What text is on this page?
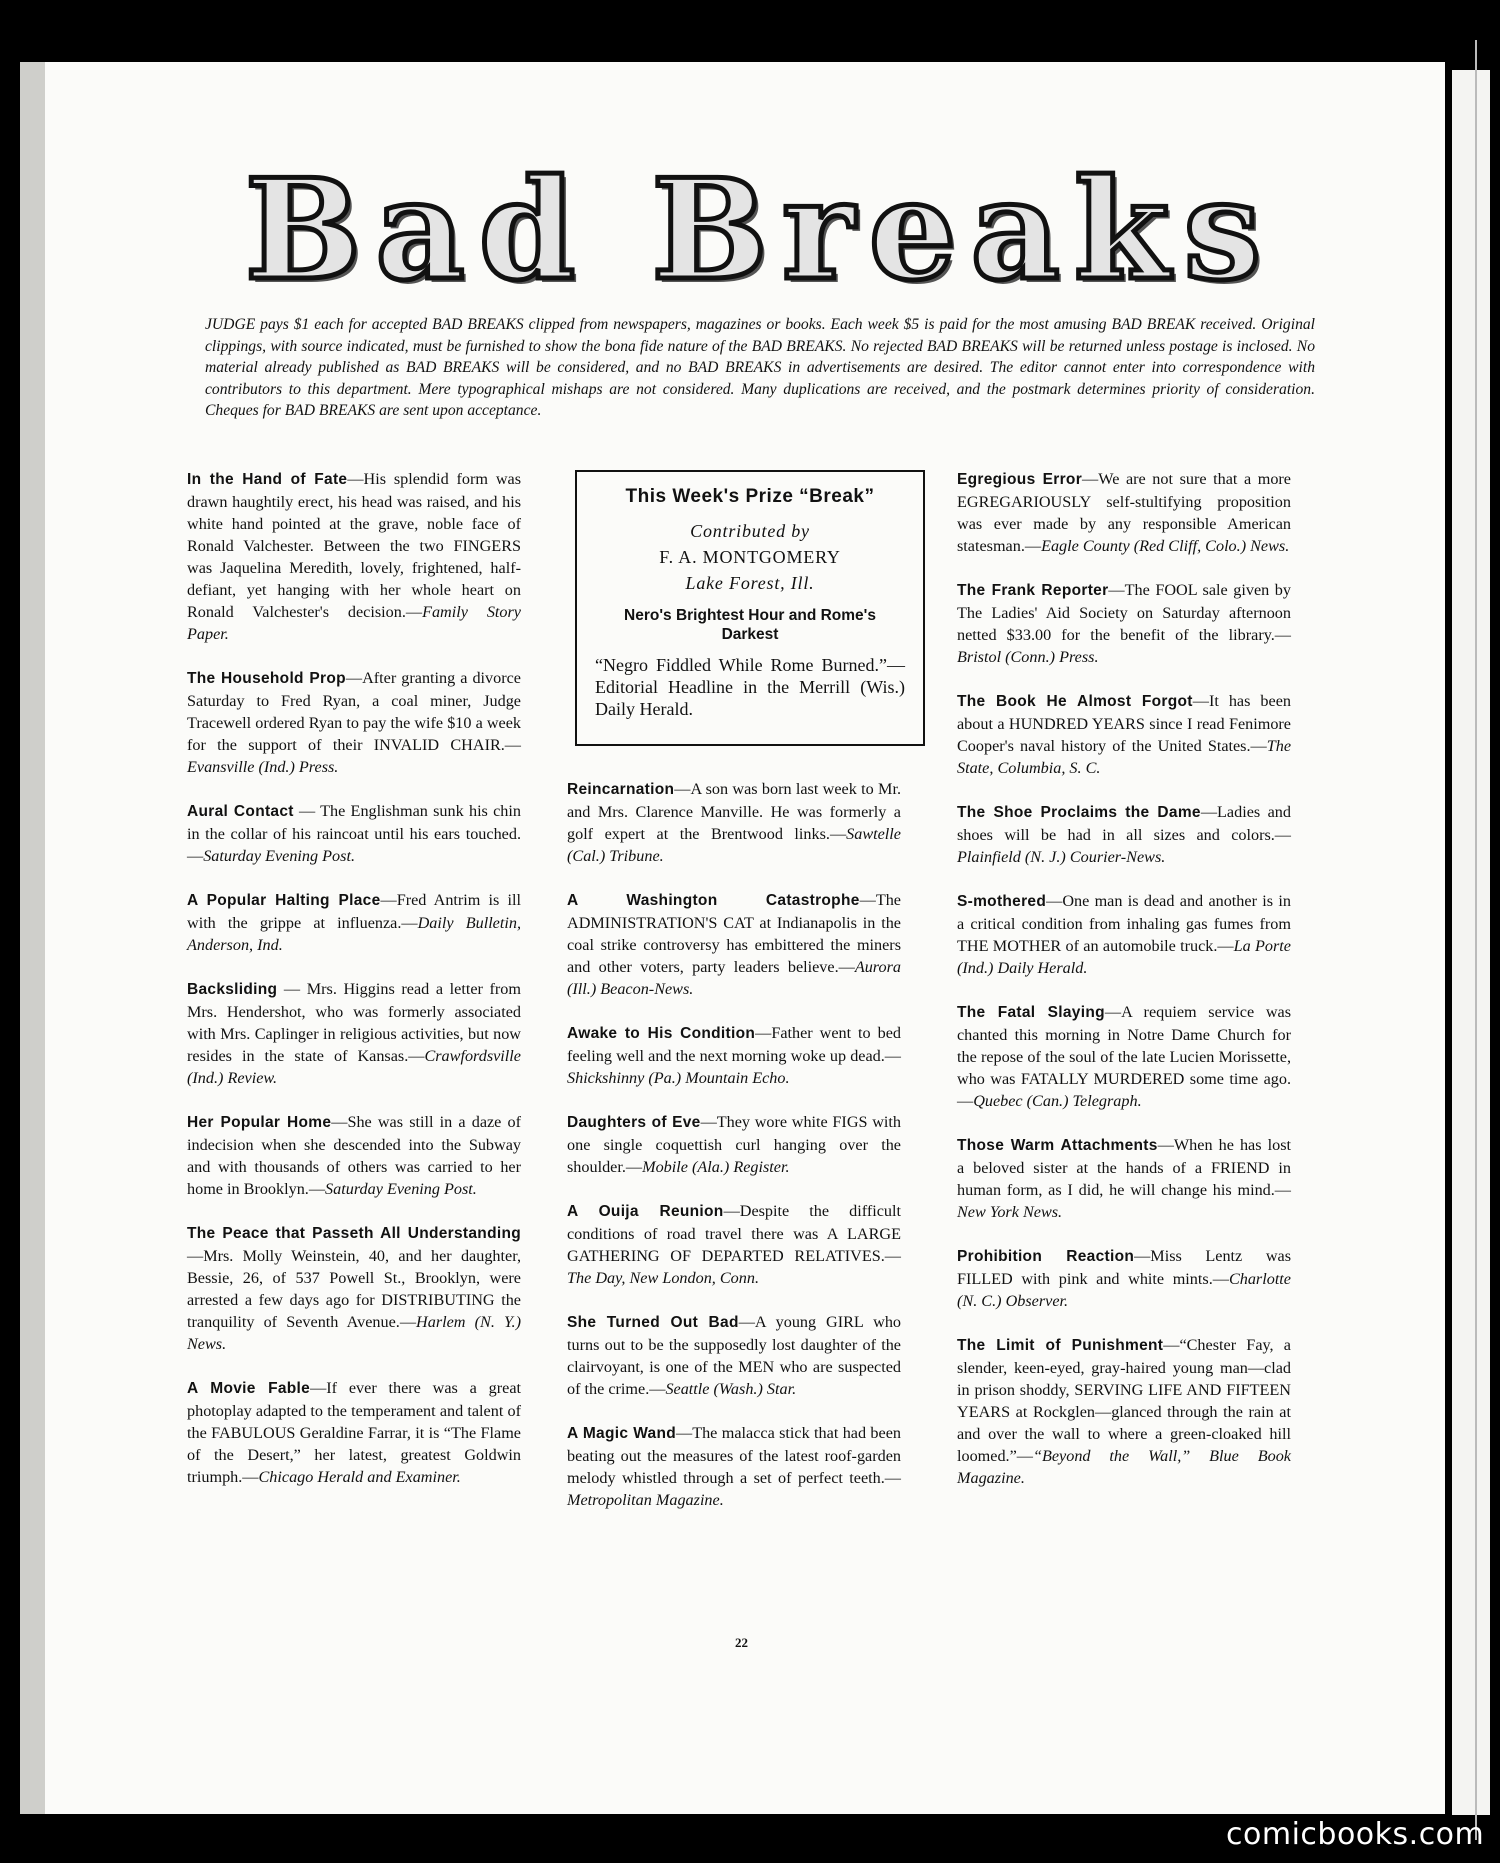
Bad Breaks

JUDGE pays $1 each for accepted BAD BREAKS clipped from newspapers, magazines or books. Each week $5 is paid for the most amusing BAD BREAK received. Original clippings, with source indicated, must be furnished to show the bona fide nature of the BAD BREAKS. No rejected BAD BREAKS will be returned unless postage is inclosed. No material already published as BAD BREAKS will be considered, and no BAD BREAKS in advertisements are desired. The editor cannot enter into correspondence with contributors to this department. Mere typographical mishaps are not considered. Many duplications are received, and the postmark determines priority of consideration. Cheques for BAD BREAKS are sent upon acceptance.

This Week's Prize “Break”

Contributed by

F. A. MONTGOMERY

Lake Forest, Ill.

Nero's Brightest Hour and Rome's Darkest

“Negro Fiddled While Rome Burned.”—Editorial Headline in the Merrill (Wis.) Daily Herald.

In the Hand of Fate—His splendid form was drawn haughtily erect, his head was raised, and his white hand pointed at the grave, noble face of Ronald Valchester. Between the two FINGERS was Jaquelina Meredith, lovely, frightened, half-defiant, yet hanging with her whole heart on Ronald Valchester's decision.—Family Story Paper.

The Household Prop—After granting a divorce Saturday to Fred Ryan, a coal miner, Judge Tracewell ordered Ryan to pay the wife $10 a week for the support of their INVALID CHAIR.—Evansville (Ind.) Press.

Aural Contact — The Englishman sunk his chin in the collar of his raincoat until his ears touched.—Saturday Evening Post.

A Popular Halting Place—Fred Antrim is ill with the grippe at influenza.—Daily Bulletin, Anderson, Ind.

Backsliding — Mrs. Higgins read a letter from Mrs. Hendershot, who was formerly associated with Mrs. Caplinger in religious activities, but now resides in the state of Kansas.—Crawfordsville (Ind.) Review.

Her Popular Home—She was still in a daze of indecision when she descended into the Subway and with thousands of others was carried to her home in Brooklyn.—Saturday Evening Post.

The Peace that Passeth All Understanding—Mrs. Molly Weinstein, 40, and her daughter, Bessie, 26, of 537 Powell St., Brooklyn, were arrested a few days ago for DISTRIBUTING the tranquility of Seventh Avenue.—Harlem (N. Y.) News.

A Movie Fable—If ever there was a great photoplay adapted to the temperament and talent of the FABULOUS Geraldine Farrar, it is “The Flame of the Desert,” her latest, greatest Goldwin triumph.—Chicago Herald and Examiner.

Reincarnation—A son was born last week to Mr. and Mrs. Clarence Manville. He was formerly a golf expert at the Brentwood links.—Sawtelle (Cal.) Tribune.

A Washington Catastrophe—The ADMINISTRATION'S CAT at Indianapolis in the coal strike controversy has embittered the miners and other voters, party leaders believe.—Aurora (Ill.) Beacon-News.

Awake to His Condition—Father went to bed feeling well and the next morning woke up dead.—Shickshinny (Pa.) Mountain Echo.

Daughters of Eve—They wore white FIGS with one single coquettish curl hanging over the shoulder.—Mobile (Ala.) Register.

A Ouija Reunion—Despite the difficult conditions of road travel there was A LARGE GATHERING OF DEPARTED RELATIVES.—The Day, New London, Conn.

She Turned Out Bad—A young GIRL who turns out to be the supposedly lost daughter of the clairvoyant, is one of the MEN who are suspected of the crime.—Seattle (Wash.) Star.

A Magic Wand—The malacca stick that had been beating out the measures of the latest roof-garden melody whistled through a set of perfect teeth.—Metropolitan Magazine.

Egregious Error—We are not sure that a more EGREGARIOUSLY self-stultifying proposition was ever made by any responsible American statesman.—Eagle County (Red Cliff, Colo.) News.

The Frank Reporter—The FOOL sale given by The Ladies' Aid Society on Saturday afternoon netted $33.00 for the benefit of the library.—Bristol (Conn.) Press.

The Book He Almost Forgot—It has been about a HUNDRED YEARS since I read Fenimore Cooper's naval history of the United States.—The State, Columbia, S. C.

The Shoe Proclaims the Dame—Ladies and shoes will be had in all sizes and colors.—Plainfield (N. J.) Courier-News.

S-mothered—One man is dead and another is in a critical condition from inhaling gas fumes from THE MOTHER of an automobile truck.—La Porte (Ind.) Daily Herald.

The Fatal Slaying—A requiem service was chanted this morning in Notre Dame Church for the repose of the soul of the late Lucien Morissette, who was FATALLY MURDERED some time ago.—Quebec (Can.) Telegraph.

Those Warm Attachments—When he has lost a beloved sister at the hands of a FRIEND in human form, as I did, he will change his mind.—New York News.

Prohibition Reaction—Miss Lentz was FILLED with pink and white mints.—Charlotte (N. C.) Observer.

The Limit of Punishment—“Chester Fay, a slender, keen-eyed, gray-haired young man—clad in prison shoddy, SERVING LIFE AND FIFTEEN YEARS at Rockglen—glanced through the rain at and over the wall to where a green-cloaked hill loomed.”—“Beyond the Wall,” Blue Book Magazine.

22
comicbooks.com
